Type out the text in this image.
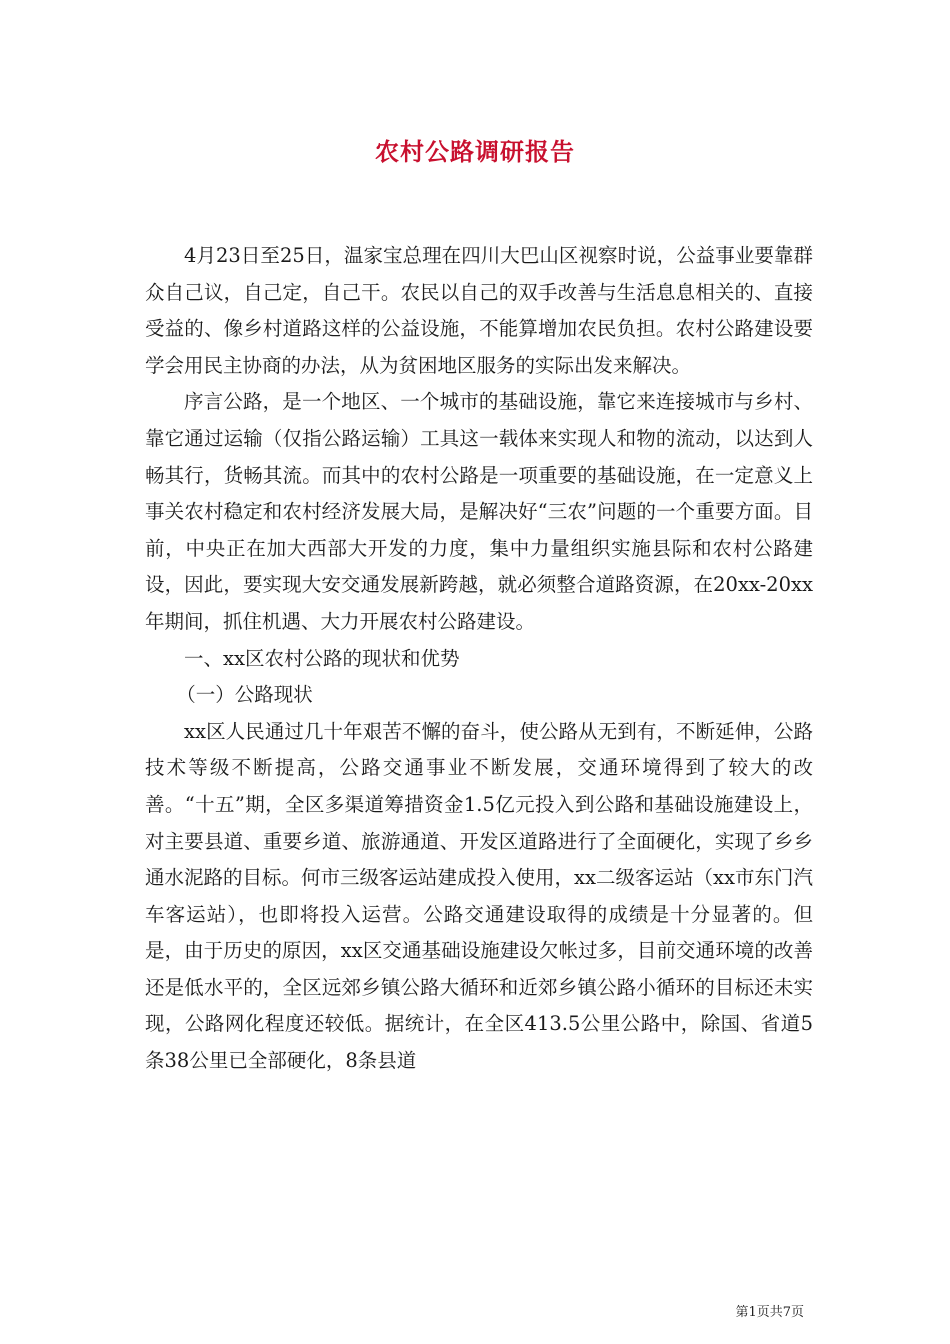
农村公路调研报告

4月23日至25日，温家宝总理在四川大巴山区视察时说，公益事业要靠群众自己议，自己定，自己干。农民以自己的双手改善与生活息息相关的、直接受益的、像乡村道路这样的公益设施，不能算增加农民负担。农村公路建设要学会用民主协商的办法，从为贫困地区服务的实际出发来解决。

序言公路，是一个地区、一个城市的基础设施，靠它来连接城市与乡村、靠它通过运输（仅指公路运输）工具这一载体来实现人和物的流动，以达到人畅其行，货畅其流。而其中的农村公路是一项重要的基础设施，在一定意义上事关农村稳定和农村经济发展大局，是解决好“三农”问题的一个重要方面。目前，中央正在加大西部大开发的力度，集中力量组织实施县际和农村公路建设，因此，要实现大安交通发展新跨越，就必须整合道路资源，在20xx-20xx年期间，抓住机遇、大力开展农村公路建设。

一、xx区农村公路的现状和优势

（一）公路现状

xx区人民通过几十年艰苦不懈的奋斗，使公路从无到有，不断延伸，公路技术等级不断提高，公路交通事业不断发展，交通环境得到了较大的改善。“十五”期，全区多渠道筹措资金1.5亿元投入到公路和基础设施建设上，对主要县道、重要乡道、旅游通道、开发区道路进行了全面硬化，实现了乡乡通水泥路的目标。何市三级客运站建成投入使用，xx二级客运站（xx市东门汽车客运站），也即将投入运营。公路交通建设取得的成绩是十分显著的。但是，由于历史的原因，xx区交通基础设施建设欠帐过多，目前交通环境的改善还是低水平的，全区远郊乡镇公路大循环和近郊乡镇公路小循环的目标还未实现，公路网化程度还较低。据统计，在全区413.5公里公路中，除国、省道5条38公里已全部硬化，8条县道

第1页共7页
